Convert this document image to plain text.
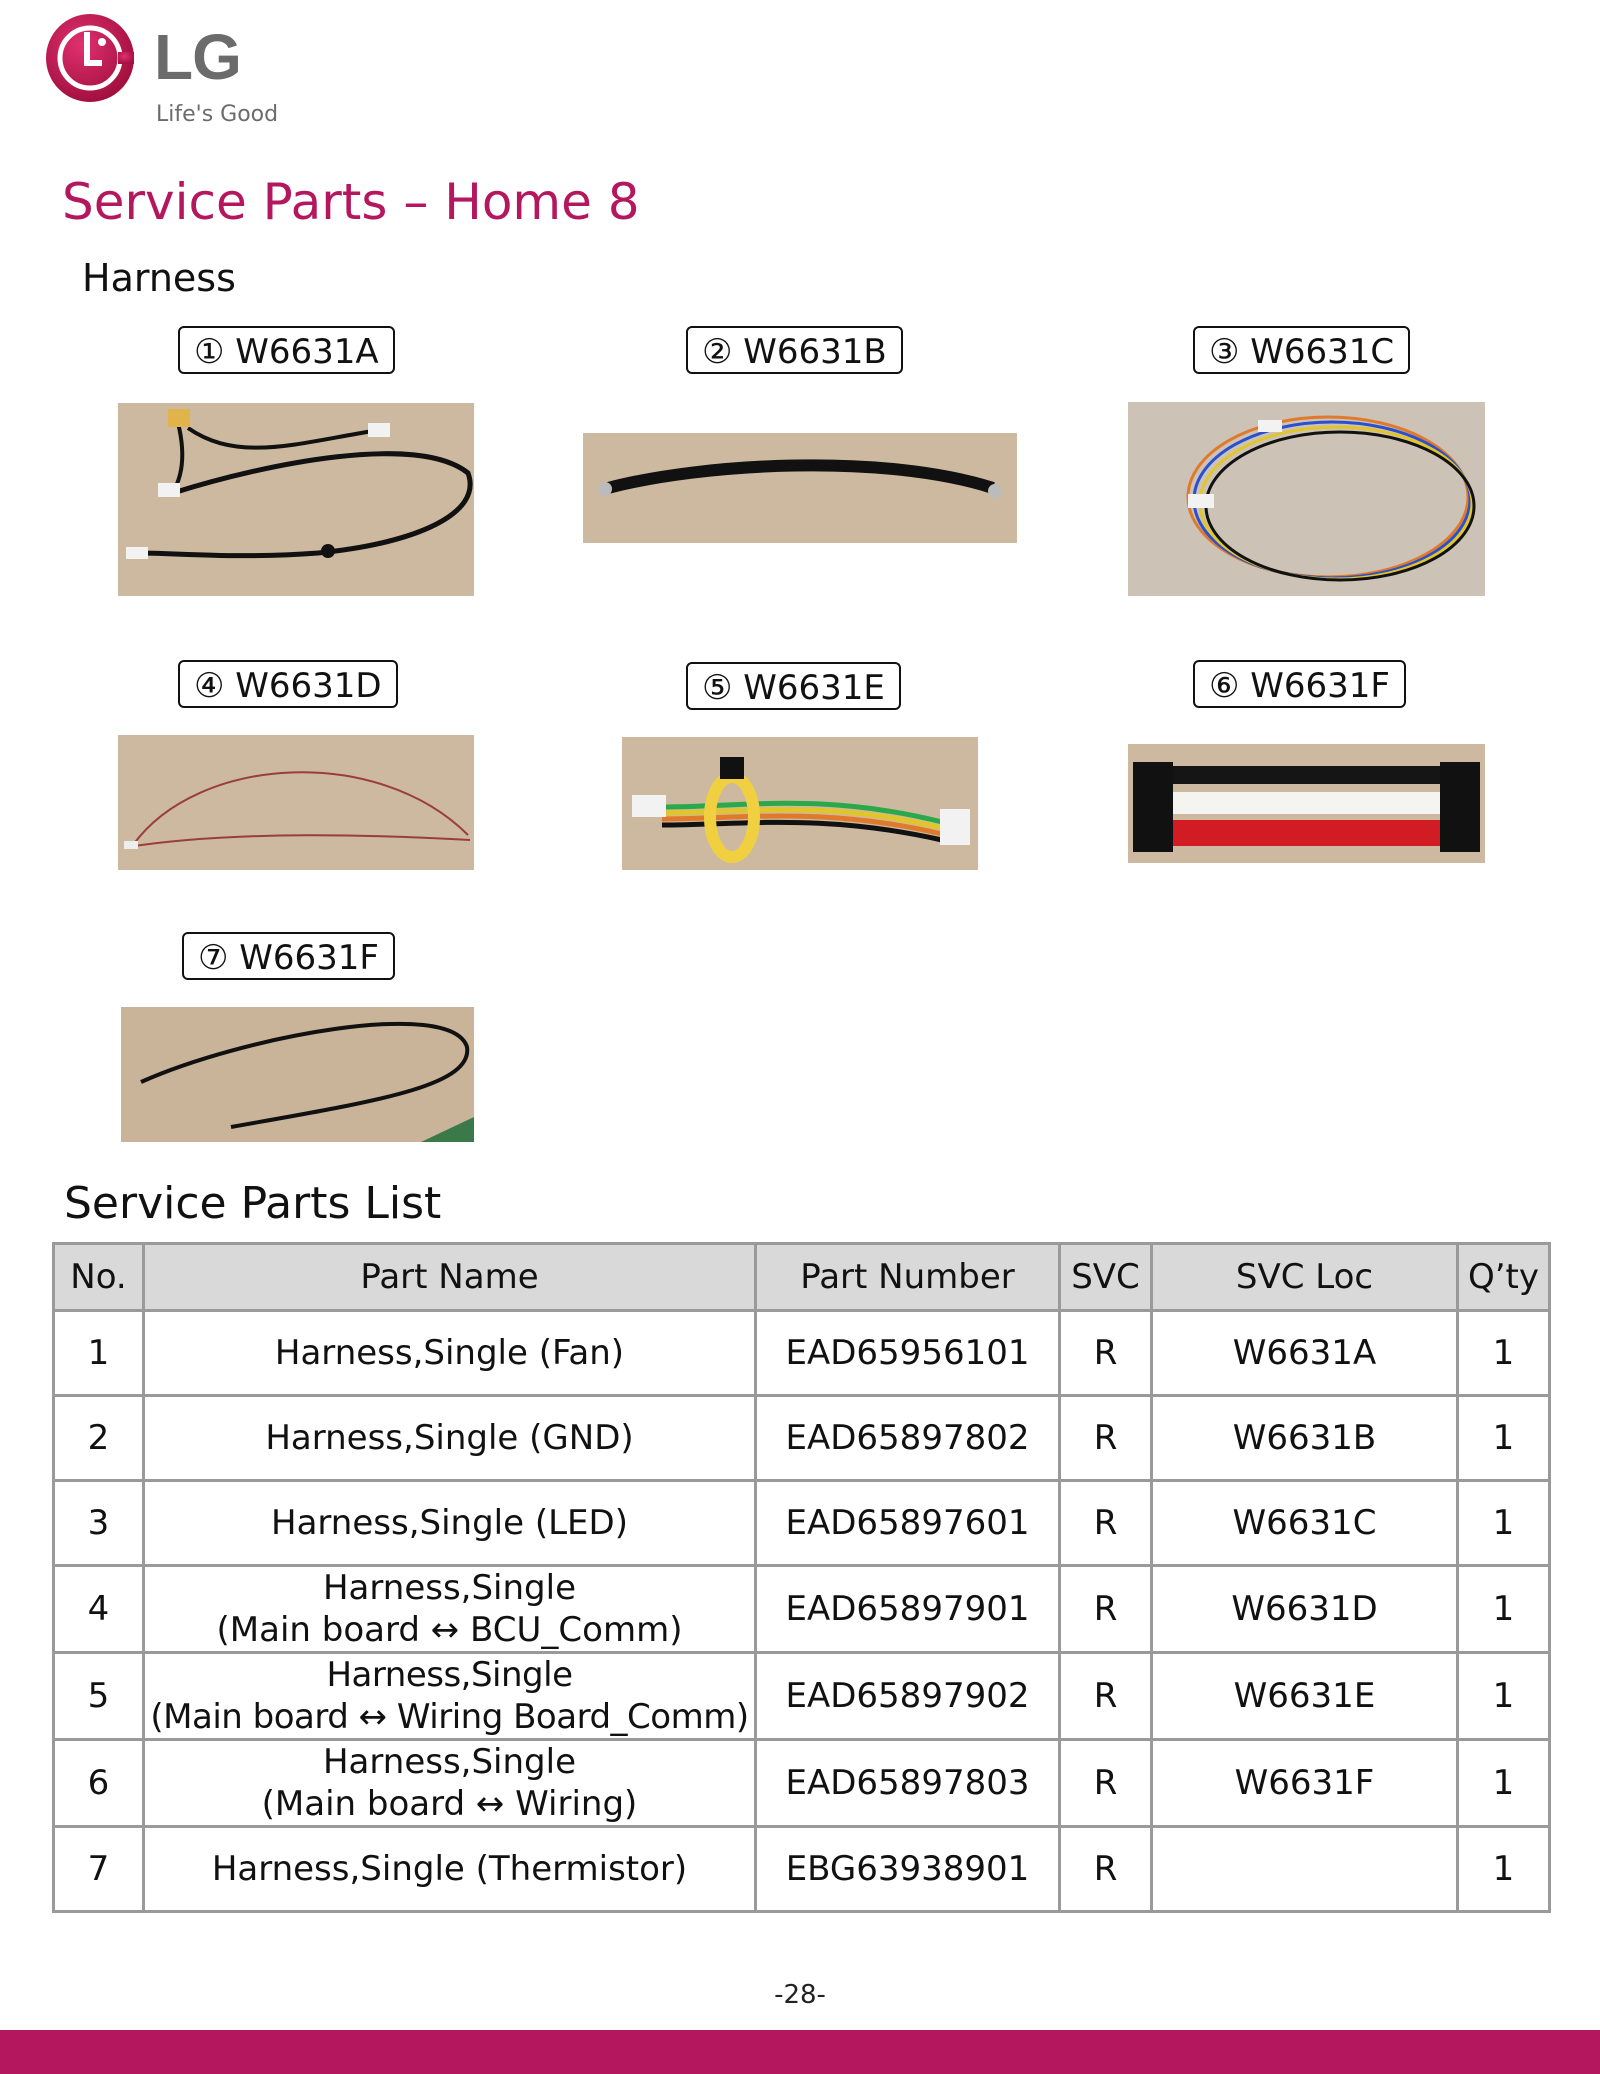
LG
Life's Good
Service Parts – Home 8
Harness
① W6631A	② W6631B	③ W6631C
④ W6631D	⑤ W6631E	⑥ W6631F
⑦ W6631F
Service Parts List
No.	Part Name	Part Number	SVC	SVC Loc	Q’ty
1	Harness,Single (Fan)	EAD65956101	R	W6631A	1
2	Harness,Single (GND)	EAD65897802	R	W6631B	1
3	Harness,Single (LED)	EAD65897601	R	W6631C	1
4	Harness,Single
(Main board ↔ BCU_Comm)	EAD65897901	R	W6631D	1
5	Harness,Single
(Main board ↔ Wiring Board_Comm)	EAD65897902	R	W6631E	1
6	Harness,Single
(Main board ↔ Wiring)	EAD65897803	R	W6631F	1
7	Harness,Single (Thermistor)	EBG63938901	R		1
-28-
